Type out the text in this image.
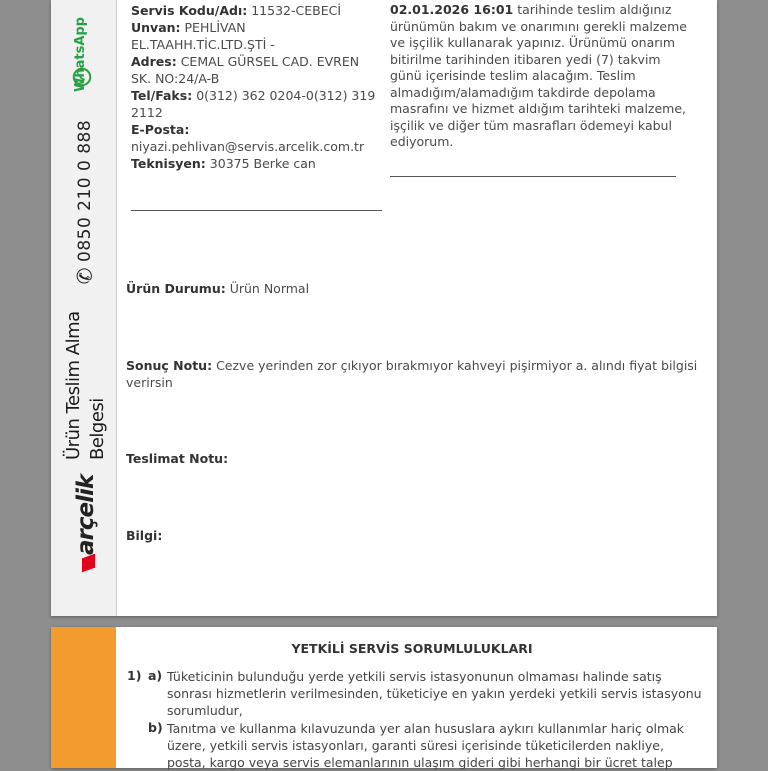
WhatsApp
0850 210 0 888
✆
Ürün Teslim Alma Belgesi
arçelik
Servis Kodu/Adı: 11532-CEBECİ
Unvan: PEHLİVAN EL.TAAHH.TİC.LTD.ŞTİ -
Adres: CEMAL GÜRSEL CAD. EVREN SK. NO:24/A-B
Tel/Faks: 0(312) 362 0204-0(312) 319 2112
E-Posta:
niyazi.pehlivan@servis.arcelik.com.tr
Teknisyen: 30375 Berke can
02.01.2026 16:01 tarihinde teslim aldığınız ürünümün bakım ve onarımını gerekli malzeme ve işçilik kullanarak yapınız. Ürünümü onarım bitirilme tarihinden itibaren yedi (7) takvim günü içerisinde teslim alacağım. Teslim almadığım/alamadığım takdirde depolama masrafını ve hizmet aldığım tarihteki malzeme, işçilik ve diğer tüm masrafları ödemeyi kabul ediyorum.
Ürün Durumu: Ürün Normal
Sonuç Notu: Cezve yerinden zor çıkıyor bırakmıyor kahveyi pişirmiyor a. alındı fiyat bilgisi verirsin
Teslimat Notu:
Bilgi:
YETKİLİ SERVİS SORUMLULUKLARI
1) a) Tüketicinin bulunduğu yerde yetkili servis istasyonunun olmaması halinde satış sonrası hizmetlerin verilmesinden, tüketiciye en yakın yerdeki yetkili servis istasyonu sorumludur,
b) Tanıtma ve kullanma kılavuzunda yer alan hususlara aykırı kullanımlar hariç olmak üzere, yetkili servis istasyonları, garanti süresi içerisinde tüketicilerden nakliye, posta, kargo veya servis elemanlarının ulaşım gideri gibi herhangi bir ücret talep
